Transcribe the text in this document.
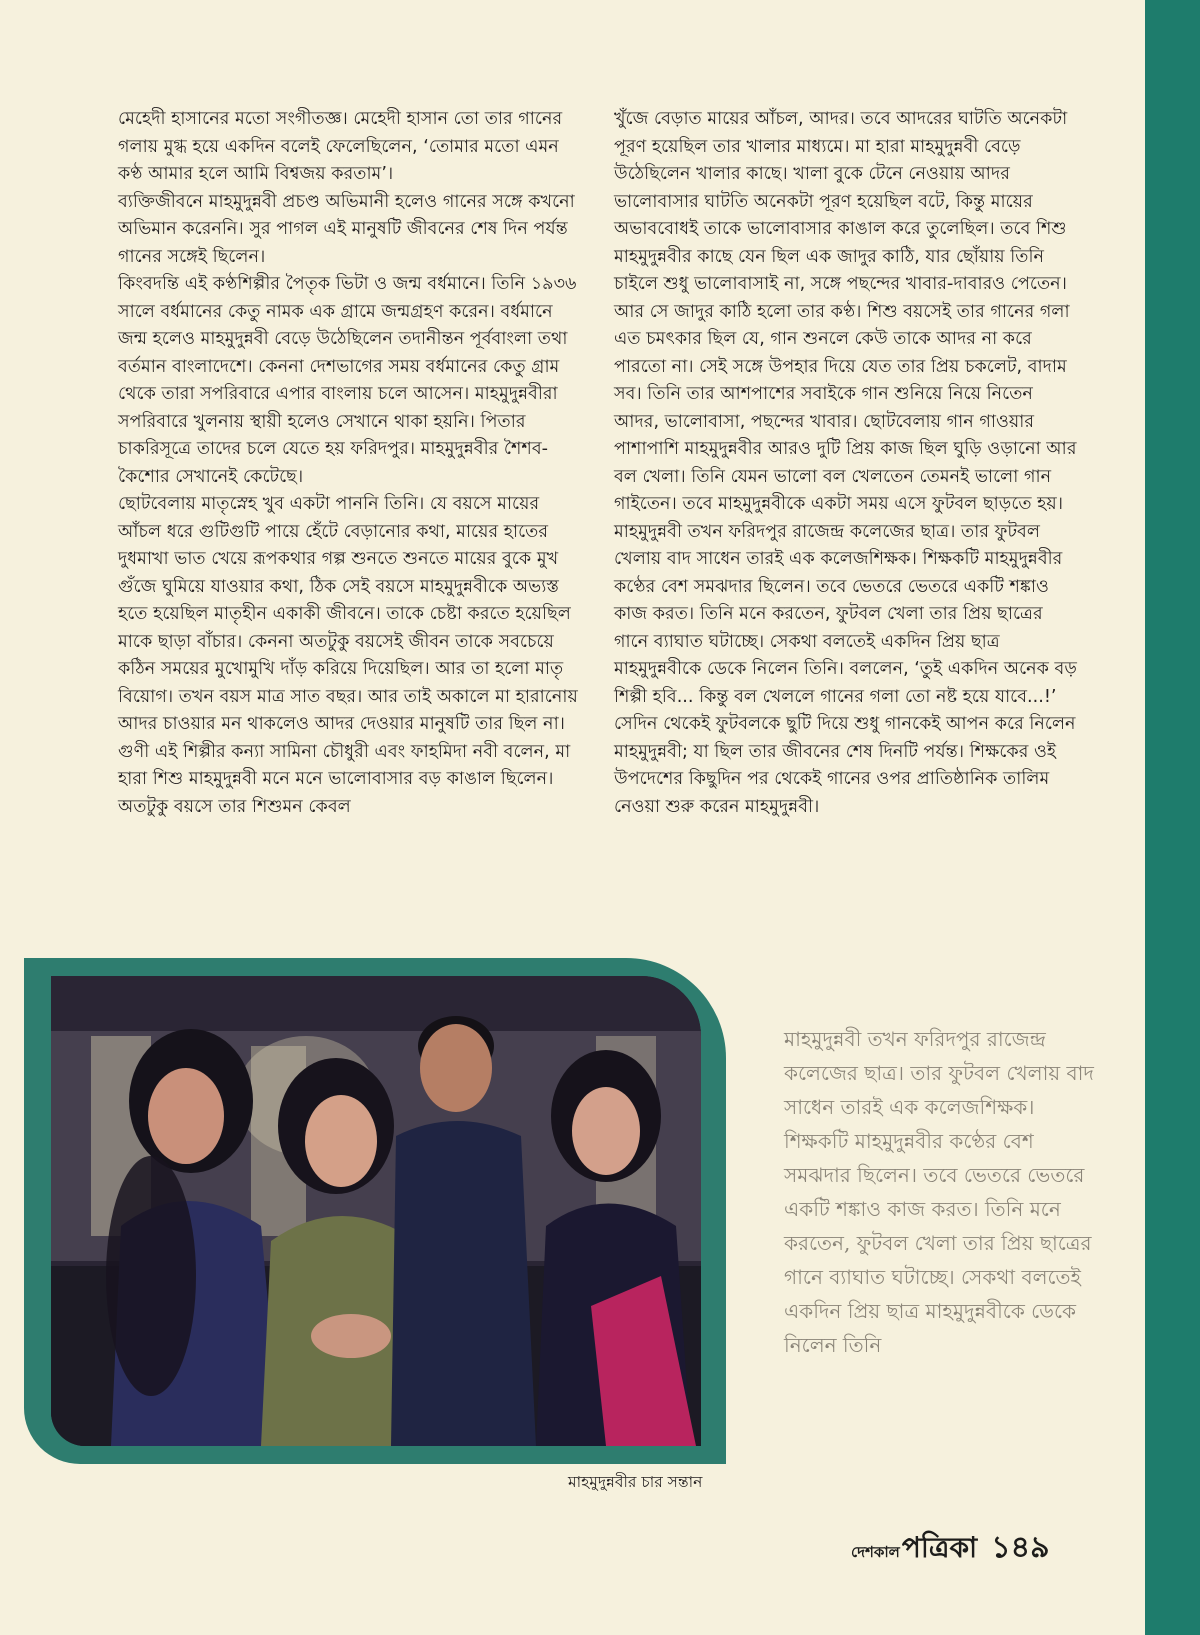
মেহেদী হাসানের মতো সংগীতজ্ঞ। মেহেদী হাসান তো তার গানের গলায় মুগ্ধ হয়ে একদিন বলেই ফেলেছিলেন, ‘তোমার মতো এমন কণ্ঠ আমার হলে আমি বিশ্বজয় করতাম’।

ব্যক্তিজীবনে মাহমুদুন্নবী প্রচণ্ড অভিমানী হলেও গানের সঙ্গে কখনো অভিমান করেননি। সুর পাগল এই মানুষটি জীবনের শেষ দিন পর্যন্ত গানের সঙ্গেই ছিলেন।

কিংবদন্তি এই কণ্ঠশিল্পীর পৈতৃক ভিটা ও জন্ম বর্ধমানে। তিনি ১৯৩৬ সালে বর্ধমানের কেতু নামক এক গ্রামে জন্মগ্রহণ করেন। বর্ধমানে জন্ম হলেও মাহমুদুন্নবী বেড়ে উঠেছিলেন তদানীন্তন পূর্ববাংলা তথা বর্তমান বাংলাদেশে। কেননা দেশভাগের সময় বর্ধমানের কেতু গ্রাম থেকে তারা সপরিবারে এপার বাংলায় চলে আসেন। মাহমুদুন্নবীরা সপরিবারে খুলনায় স্থায়ী হলেও সেখানে থাকা হয়নি। পিতার চাকরিসূত্রে তাদের চলে যেতে হয় ফরিদপুর। মাহমুদুন্নবীর শৈশব-কৈশোর সেখানেই কেটেছে।

ছোটবেলায় মাতৃস্নেহ খুব একটা পাননি তিনি। যে বয়সে মায়ের আঁচল ধরে গুটিগুটি পায়ে হেঁটে বেড়ানোর কথা, মায়ের হাতের দুধমাখা ভাত খেয়ে রূপকথার গল্প শুনতে শুনতে মায়ের বুকে মুখ গুঁজে ঘুমিয়ে যাওয়ার কথা, ঠিক সেই বয়সে মাহমুদুন্নবীকে অভ্যস্ত হতে হয়েছিল মাতৃহীন একাকী জীবনে। তাকে চেষ্টা করতে হয়েছিল মাকে ছাড়া বাঁচার। কেননা অতটুকু বয়সেই জীবন তাকে সবচেয়ে কঠিন সময়ের মুখোমুখি দাঁড় করিয়ে দিয়েছিল। আর তা হলো মাতৃ বিয়োগ। তখন বয়স মাত্র সাত বছর। আর তাই অকালে মা হারানোয় আদর চাওয়ার মন থাকলেও আদর দেওয়ার মানুষটি তার ছিল না।

গুণী এই শিল্পীর কন্যা সামিনা চৌধুরী এবং ফাহমিদা নবী বলেন, মা হারা শিশু মাহমুদুন্নবী মনে মনে ভালোবাসার বড় কাঙাল ছিলেন। অতটুকু বয়সে তার শিশুমন কেবল

খুঁজে বেড়াত মায়ের আঁচল, আদর। তবে আদরের ঘাটতি অনেকটা পূরণ হয়েছিল তার খালার মাধ্যমে। মা হারা মাহমুদুন্নবী বেড়ে উঠেছিলেন খালার কাছে। খালা বুকে টেনে নেওয়ায় আদর ভালোবাসার ঘাটতি অনেকটা পূরণ হয়েছিল বটে, কিন্তু মায়ের অভাববোধই তাকে ভালোবাসার কাঙাল করে তুলেছিল। তবে শিশু মাহমুদুন্নবীর কাছে যেন ছিল এক জাদুর কাঠি, যার ছোঁয়ায় তিনি চাইলে শুধু ভালোবাসাই না, সঙ্গে পছন্দের খাবার-দাবারও পেতেন। আর সে জাদুর কাঠি হলো তার কণ্ঠ। শিশু বয়সেই তার গানের গলা এত চমৎকার ছিল যে, গান শুনলে কেউ তাকে আদর না করে পারতো না। সেই সঙ্গে উপহার দিয়ে যেত তার প্রিয় চকলেট, বাদাম সব। তিনি তার আশপাশের সবাইকে গান শুনিয়ে নিয়ে নিতেন আদর, ভালোবাসা, পছন্দের খাবার। ছোটবেলায় গান গাওয়ার পাশাপাশি মাহমুদুন্নবীর আরও দুটি প্রিয় কাজ ছিল ঘুড়ি ওড়ানো আর বল খেলা। তিনি যেমন ভালো বল খেলতেন তেমনই ভালো গান গাইতেন। তবে মাহমুদুন্নবীকে একটা সময় এসে ফুটবল ছাড়তে হয়।

মাহমুদুন্নবী তখন ফরিদপুর রাজেন্দ্র কলেজের ছাত্র। তার ফুটবল খেলায় বাদ সাধেন তারই এক কলেজশিক্ষক। শিক্ষকটি মাহমুদুন্নবীর কণ্ঠের বেশ সমঝদার ছিলেন। তবে ভেতরে ভেতরে একটি শঙ্কাও কাজ করত। তিনি মনে করতেন, ফুটবল খেলা তার প্রিয় ছাত্রের গানে ব্যাঘাত ঘটাচ্ছে। সেকথা বলতেই একদিন প্রিয় ছাত্র মাহমুদুন্নবীকে ডেকে নিলেন তিনি। বললেন, ‘তুই একদিন অনেক বড় শিল্পী হবি... কিন্তু বল খেললে গানের গলা তো নষ্ট হয়ে যাবে...!’ সেদিন থেকেই ফুটবলকে ছুটি দিয়ে শুধু গানকেই আপন করে নিলেন মাহমুদুন্নবী; যা ছিল তার জীবনের শেষ দিনটি পর্যন্ত। শিক্ষকের ওই উপদেশের কিছুদিন পর থেকেই গানের ওপর প্রাতিষ্ঠানিক তালিম নেওয়া শুরু করেন মাহমুদুন্নবী।

মাহমুদুন্নবীর চার সন্তান
মাহমুদুন্নবী তখন ফরিদপুর রাজেন্দ্র কলেজের ছাত্র। তার ফুটবল খেলায় বাদ সাধেন তারই এক কলেজশিক্ষক। শিক্ষকটি মাহমুদুন্নবীর কণ্ঠের বেশ সমঝদার ছিলেন। তবে ভেতরে ভেতরে একটি শঙ্কাও কাজ করত। তিনি মনে করতেন, ফুটবল খেলা তার প্রিয় ছাত্রের গানে ব্যাঘাত ঘটাচ্ছে। সেকথা বলতেই একদিন প্রিয় ছাত্র মাহমুদুন্নবীকে ডেকে নিলেন তিনি
দেশকাল পত্রিকা ১৪৯
